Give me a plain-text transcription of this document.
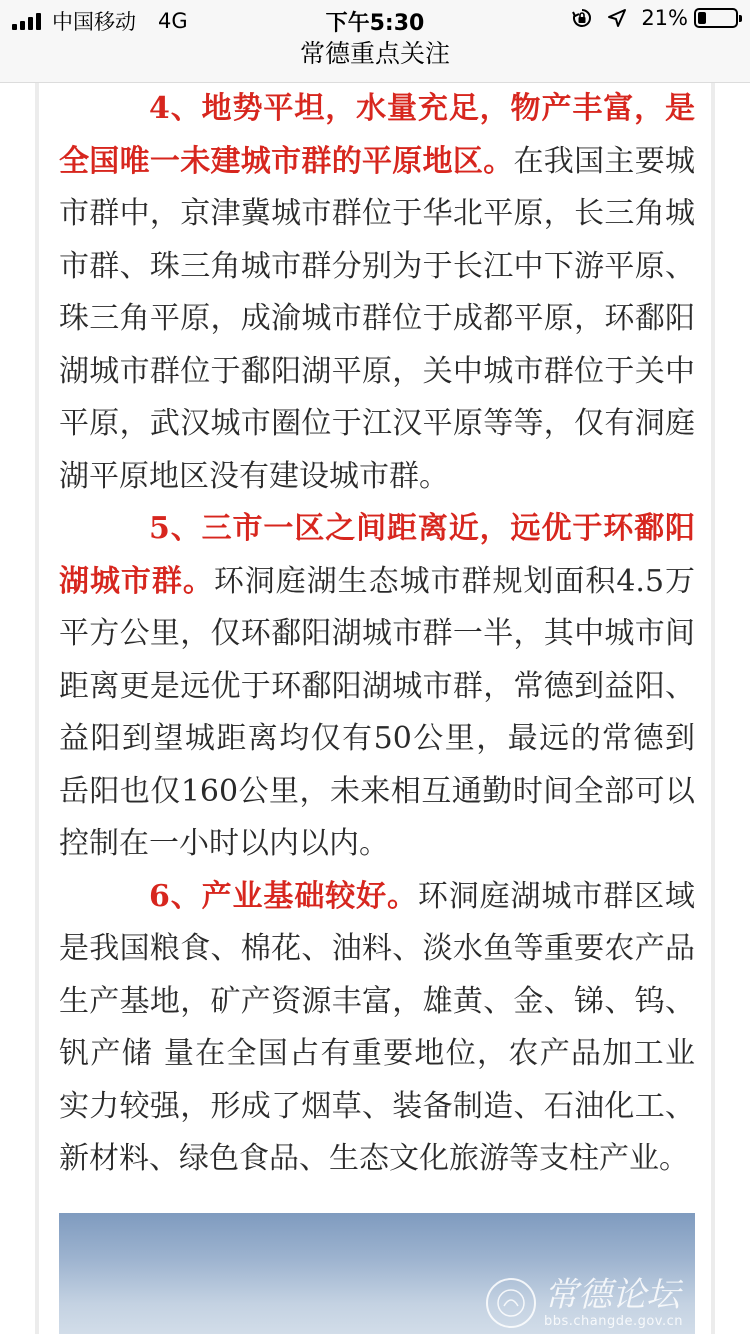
中国移动 4G	下午5:30	21%
常德重点关注

4、地势平坦，水量充足，物产丰富，是全国唯一未建城市群的平原地区。在我国主要城市群中，京津冀城市群位于华北平原，长三角城市群、珠三角城市群分别为于长江中下游平原、珠三角平原，成渝城市群位于成都平原，环鄱阳湖城市群位于鄱阳湖平原，关中城市群位于关中平原，武汉城市圈位于江汉平原等等，仅有洞庭湖平原地区没有建设城市群。

5、三市一区之间距离近，远优于环鄱阳湖城市群。环洞庭湖生态城市群规划面积4.5万平方公里，仅环鄱阳湖城市群一半，其中城市间距离更是远优于环鄱阳湖城市群，常德到益阳、益阳到望城距离均仅有50公里，最远的常德到岳阳也仅160公里，未来相互通勤时间全部可以控制在一小时以内以内。

6、产业基础较好。环洞庭湖城市群区域是我国粮食、棉花、油料、淡水鱼等重要农产品生产基地，矿产资源丰富，雄黄、金、锑、钨、钒产储 量在全国占有重要地位，农产品加工业实力较强，形成了烟草、装备制造、石油化工、新材料、绿色食品、生态文化旅游等支柱产业。

常德论坛
bbs.changde.gov.cn
